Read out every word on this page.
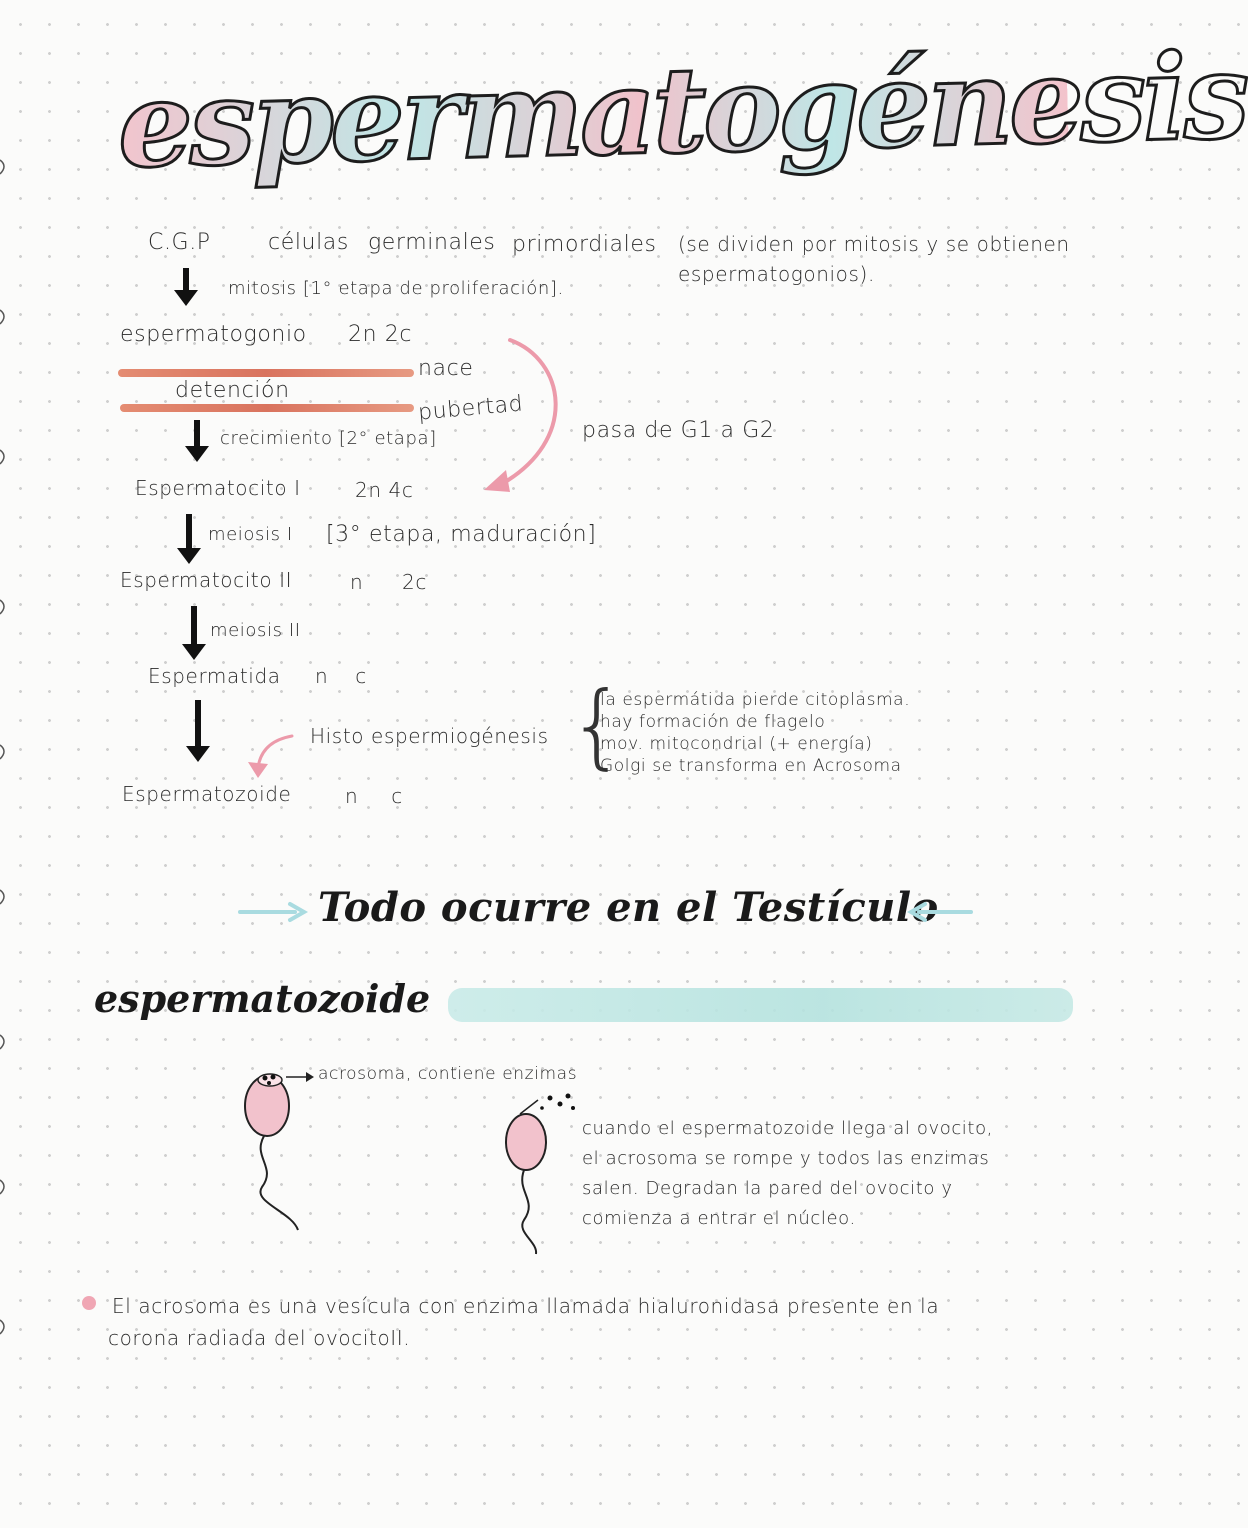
espermatogénesis
C.G.P	células germinales primordiales (se dividen por mitosis y se obtienen
espermatogonios).
mitosis [1° etapa de proliferación].
espermatogonio 2n 2c
nace
detención
pubertad
crecimiento [2° etapa]	pasa de G1 a G2
Espermatocito I	2n 4c
meiosis I [3° etapa, maduración]
Espermatocito II	n 2c
meiosis II
Espermatida n c
Histo espermiogénesis
Espermatozoide	n c
{
la espermátida pierde citoplasma.
hay formación de flagelo
mov. mitocondrial (+ energía)
Golgi se transforma en Acrosoma
Todo ocurre en el Testículo
espermatozoide
acrosoma, contiene enzimas
cuando el espermatozoide llega al ovocito,
el acrosoma se rompe y todos las enzimas
salen. Degradan la pared del ovocito y
comienza a entrar el núcleo.
El acrosoma es una vesícula con enzima llamada hialuronidasa presente en la
corona radiada del ovocitoII.
